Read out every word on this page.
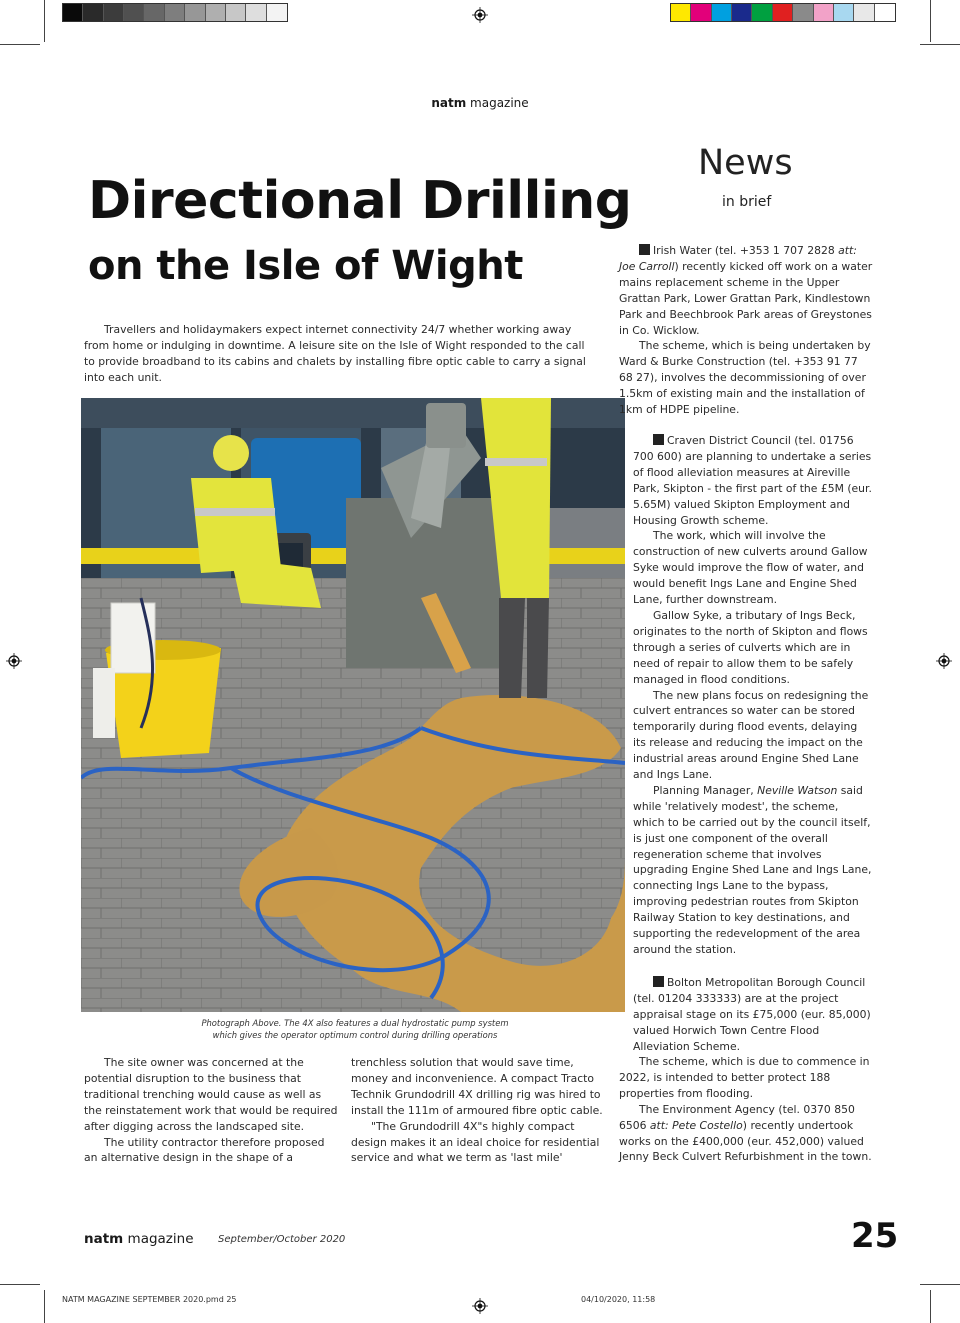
natm magazine
Directional Drilling
on the Isle of Wight
News
in brief

Travellers and holidaymakers expect internet connectivity 24/7 whether working away from home or indulging in downtime. A leisure site on the Isle of Wight responded to the call to provide broadband to its cabins and chalets by installing fibre optic cable to carry a signal into each unit.

Photograph Above. The 4X also features a dual hydrostatic pump system
which gives the operator optimum control during drilling operations

The site owner was concerned at the potential disruption to the business that traditional trenching would cause as well as the reinstatement work that would be required after digging across the landscaped site.

The utility contractor therefore proposed an alternative design in the shape of a

trenchless solution that would save time, money and inconvenience. A compact Tracto Technik Grundodrill 4X drilling rig was hired to install the 111m of armoured fibre optic cable.

"The Grundodrill 4X"s highly compact design makes it an ideal choice for residential service and what we term as 'last mile'

Irish Water (tel. +353 1 707 2828 att: Joe Carroll) recently kicked off work on a water mains replacement scheme in the Upper Grattan Park, Lower Grattan Park, Kindlestown Park and Beechbrook Park areas of Greystones in Co. Wicklow.

The scheme, which is being undertaken by Ward & Burke Construction (tel. +353 91 77 68 27), involves the decommissioning of over 1.5km of existing main and the installation of 1km of HDPE pipeline.

Craven District Council (tel. 01756 700 600) are planning to undertake a series of flood alleviation measures at Aireville Park, Skipton - the first part of the £5M (eur. 5.65M) valued Skipton Employment and Housing Growth scheme.

The work, which will involve the construction of new culverts around Gallow Syke would improve the flow of water, and would benefit Ings Lane and Engine Shed Lane, further downstream.

Gallow Syke, a tributary of Ings Beck, originates to the north of Skipton and flows through a series of culverts which are in need of repair to allow them to be safely managed in flood conditions.

The new plans focus on redesigning the culvert entrances so water can be stored temporarily during flood events, delaying its release and reducing the impact on the industrial areas around Engine Shed Lane and Ings Lane.

Planning Manager, Neville Watson said while 'relatively modest', the scheme, which to be carried out by the council itself, is just one component of the overall regeneration scheme that involves upgrading Engine Shed Lane and Ings Lane, connecting Ings Lane to the bypass, improving pedestrian routes from Skipton Railway Station to key destinations, and supporting the redevelopment of the area around the station.

Bolton Metropolitan Borough Council (tel. 01204 333333) are at the project appraisal stage on its £75,000 (eur. 85,000) valued Horwich Town Centre Flood Alleviation Scheme.

The scheme, which is due to commence in 2022, is intended to better protect 188 properties from flooding.

The Environment Agency (tel. 0370 850 6506 att: Pete Costello) recently undertook works on the £400,000 (eur. 452,000) valued Jenny Beck Culvert Refurbishment in the town.

natm magazine September/October 2020	25
NATM MAGAZINE SEPTEMBER 2020.pmd 25	04/10/2020, 11:58
